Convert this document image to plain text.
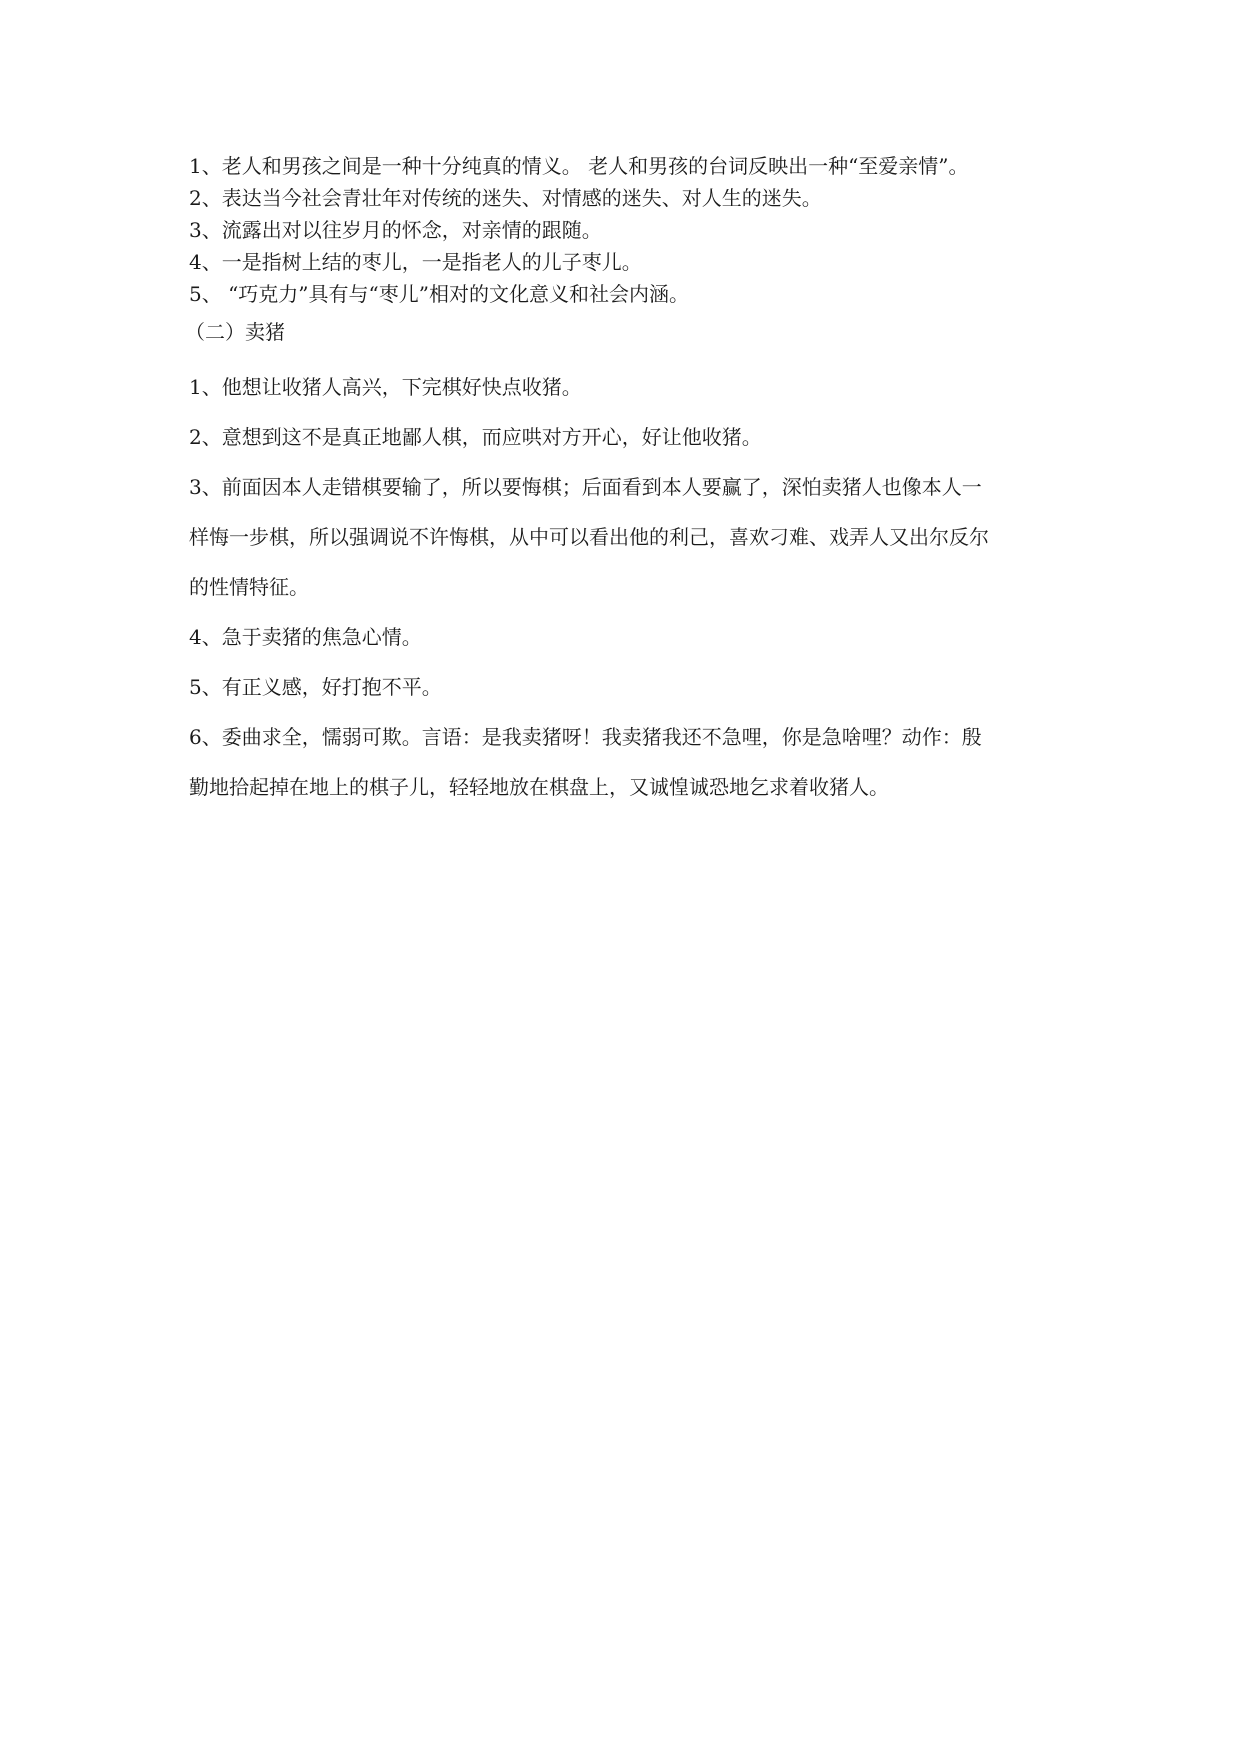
1、老人和男孩之间是一种十分纯真的情义。 老人和男孩的台词反映出一种“至爱亲情”。

2、表达当今社会青壮年对传统的迷失、对情感的迷失、对人生的迷失。

3、流露出对以往岁月的怀念，对亲情的跟随。

4、一是指树上结的枣儿，一是指老人的儿子枣儿。

5、 “巧克力”具有与“枣儿”相对的文化意义和社会内涵。

（二）卖猪

1、他想让收猪人高兴，下完棋好快点收猪。

2、意想到这不是真正地鄙人棋，而应哄对方开心，好让他收猪。

3、前面因本人走错棋要输了，所以要悔棋；后面看到本人要赢了，深怕卖猪人也像本人一

样悔一步棋，所以强调说不许悔棋，从中可以看出他的利己，喜欢刁难、戏弄人又出尔反尔

的性情特征。

4、急于卖猪的焦急心情。

5、有正义感，好打抱不平。

6、委曲求全，懦弱可欺。言语：是我卖猪呀！我卖猪我还不急哩，你是急啥哩？动作：殷

勤地拾起掉在地上的棋子儿，轻轻地放在棋盘上，又诚惶诚恐地乞求着收猪人。
